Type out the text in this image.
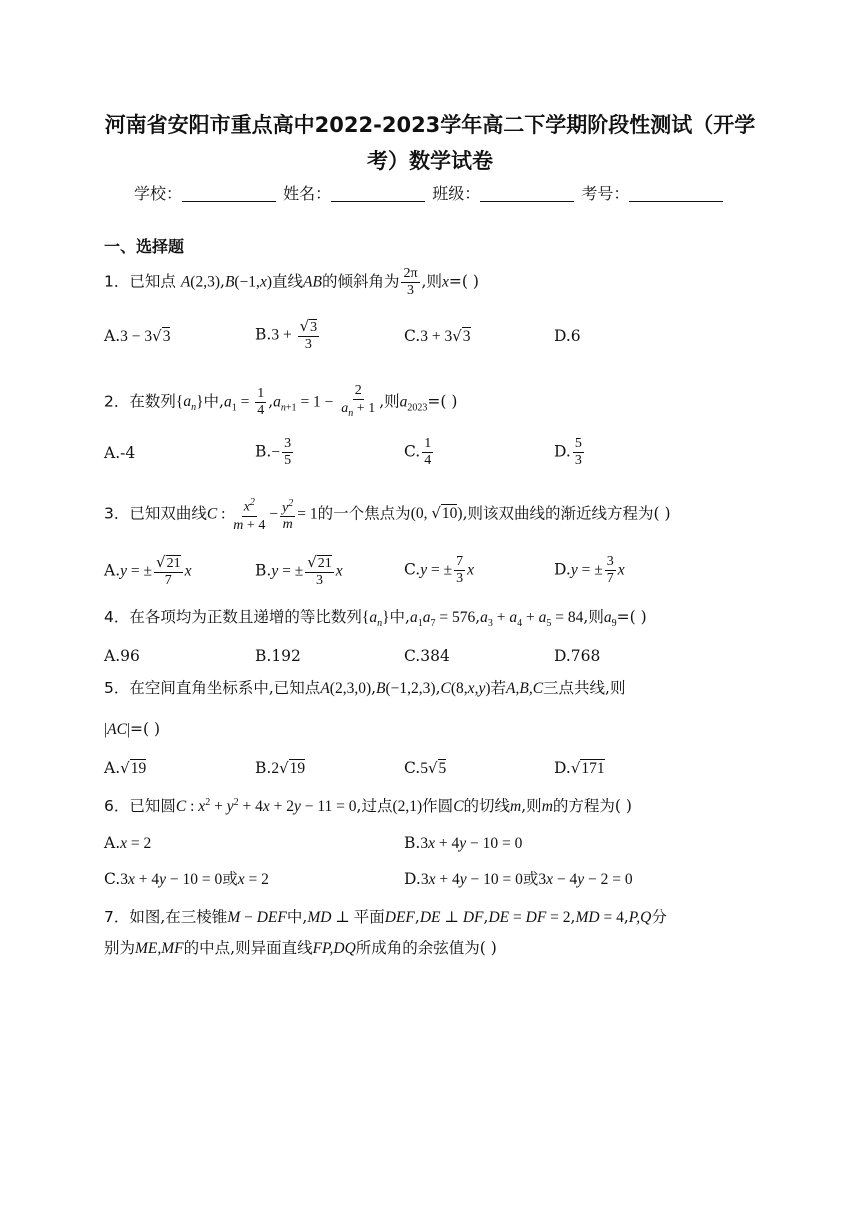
河南省安阳市重点高中2022-2023学年高二下学期阶段性测试（开学
考）数学试卷
学校：	姓名：	班级：	考号：
一、选择题
1．已知点 A(2,3),B(−1,x)直线AB的倾斜角为 $\frac{2\pi}{3}$ ,则x=( )
A.3 − 3√3	$B.3 + \frac{√3}{3}$	C.3 + 3√3	D.6
2．在数列$\{a_n\}$中$,a_1 = \frac{1}{4} ,a_{n+1} = 1 - \frac{2}{a_n + 1}$ ,则$a_{2023}=$( )
A.-4	$B.- \frac{3}{5}$	C. $\frac{1}{4}$	D. $\frac{5}{3}$
3．已知双曲线C : $\frac{x^2}{m + 4} - \frac{y^2}{m} = 1$的一个焦点为(0, √10),则该双曲线的渐近线方程为( )
A.y = ± $\frac{√21}{7}$ x	B.y = ± $\frac{√21}{3}$ x	C.y = ± $\frac{7}{3}$ x	D.y = ± $\frac{3}{7}$ x
4．在各项均为正数且递增的等比数列$\{a_n\}$中$,a_1a_7 = 576,a_3 + a_4 + a_5 = 84$,则$a_9=$( )
A.96	B.192	C.384	D.768
5．在空间直角坐标系中,已知点A(2,3,0),B(−1,2,3),C(8,x,y)若A,B,C三点共线,则
|AC|=( )
A.√19	B.2√19	C.5√5	D.√171
6．已知圆C : $x^2 + y^2 + 4x + 2y - 11 = 0$,过点(2,1)作圆C的切线m,则m的方程为( )
A.x = 2	B.3x + 4y − 10 = 0
C.3x + 4y − 10 = 0或x = 2	D.3x + 4y − 10 = 0或3x − 4y − 2 = 0
7．如图,在三棱锥M − DEF中,MD ⊥ 平面DEF,DE ⊥ DF,DE = DF = 2,MD = 4,P,Q分
别为ME,MF的中点,则异面直线FP,DQ所成角的余弦值为( )
